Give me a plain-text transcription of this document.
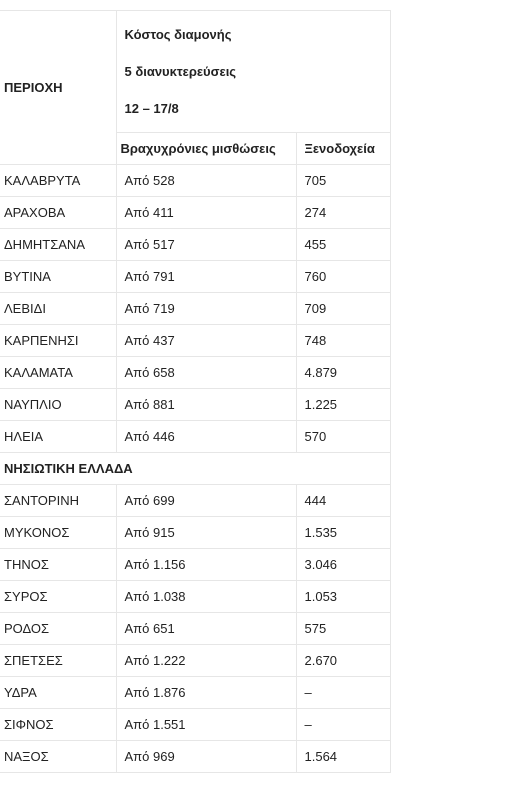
ΠΕΡΙΟΧΗ	Κόστος διαμονής
5 διανυκτερεύσεις
12 – 17/8	

	Βραχυχρόνιες μισθώσεις	Ξενοδοχεία
ΚΑΛΑΒΡΥΤΑ	Από 528	705
ΑΡΑΧΟΒΑ	Από 411	274
ΔΗΜΗΤΣΑΝΑ	Από 517	455
ΒΥΤΙΝΑ	Από 791	760
ΛΕΒΙΔΙ	Από 719	709
ΚΑΡΠΕΝΗΣΙ	Από 437	748
ΚΑΛΑΜΑΤΑ	Από 658	4.879
ΝΑΥΠΛΙΟ	Από 881	1.225
ΗΛΕΙΑ	Από 446	570
ΝΗΣΙΩΤΙΚΗ ΕΛΛΑΔΑ		
ΣΑΝΤΟΡΙΝΗ	Από 699	444
ΜΥΚΟΝΟΣ	Από 915	1.535
ΤΗΝΟΣ	Από 1.156	3.046
ΣΥΡΟΣ	Από 1.038	1.053
ΡΟΔΟΣ	Από 651	575
ΣΠΕΤΣΕΣ	Από 1.222	2.670
ΥΔΡΑ	Από 1.876	–
ΣΙΦΝΟΣ	Από 1.551	–
ΝΑΞΟΣ	Από 969	1.564
